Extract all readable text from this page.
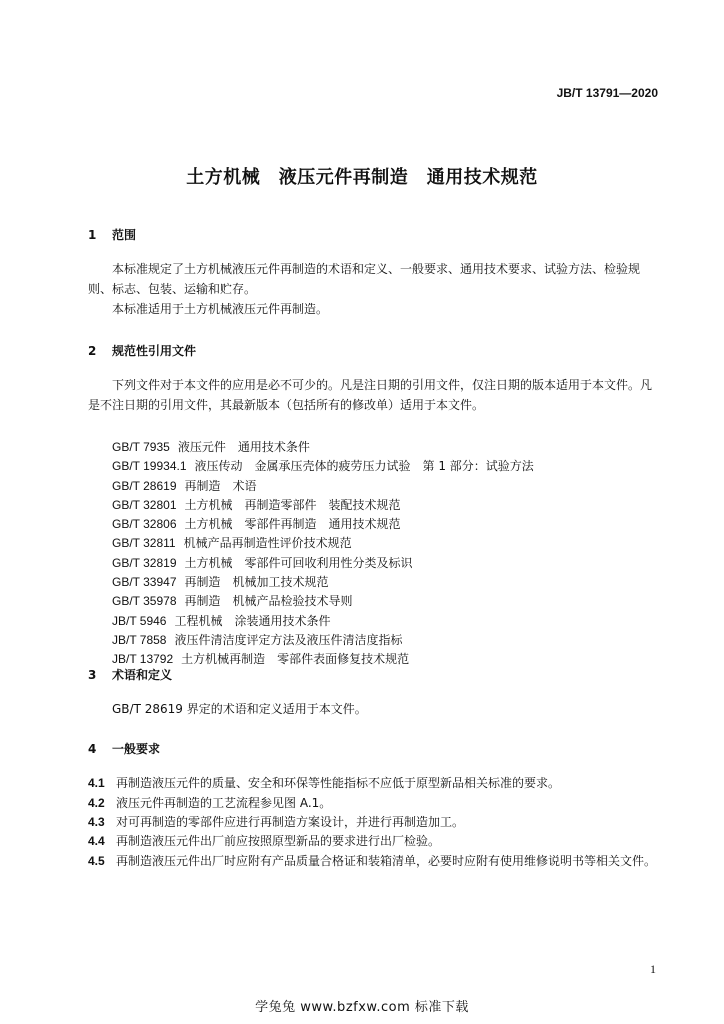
JB/T 13791—2020
土方机械　液压元件再制造　通用技术规范
1 范围
本标准规定了土方机械液压元件再制造的术语和定义、一般要求、通用技术要求、试验方法、检验规则、标志、包装、运输和贮存。
本标准适用于土方机械液压元件再制造。
2 规范性引用文件
下列文件对于本文件的应用是必不可少的。凡是注日期的引用文件，仅注日期的版本适用于本文件。凡是不注日期的引用文件，其最新版本（包括所有的修改单）适用于本文件。
GB/T 7935 液压元件　通用技术条件
GB/T 19934.1 液压传动　金属承压壳体的疲劳压力试验　第 1 部分：试验方法
GB/T 28619 再制造　术语
GB/T 32801 土方机械　再制造零部件　装配技术规范
GB/T 32806 土方机械　零部件再制造　通用技术规范
GB/T 32811 机械产品再制造性评价技术规范
GB/T 32819 土方机械　零部件可回收利用性分类及标识
GB/T 33947 再制造　机械加工技术规范
GB/T 35978 再制造　机械产品检验技术导则
JB/T 5946 工程机械　涂装通用技术条件
JB/T 7858 液压件清洁度评定方法及液压件清洁度指标
JB/T 13792 土方机械再制造　零部件表面修复技术规范
3 术语和定义
GB/T 28619 界定的术语和定义适用于本文件。
4 一般要求
4.1 再制造液压元件的质量、安全和环保等性能指标不应低于原型新品相关标准的要求。
4.2 液压元件再制造的工艺流程参见图 A.1。
4.3 对可再制造的零部件应进行再制造方案设计，并进行再制造加工。
4.4 再制造液压元件出厂前应按照原型新品的要求进行出厂检验。
4.5 再制造液压元件出厂时应附有产品质量合格证和装箱清单，必要时应附有使用维修说明书等相关文件。
1
学兔兔 www.bzfxw.com 标准下载
